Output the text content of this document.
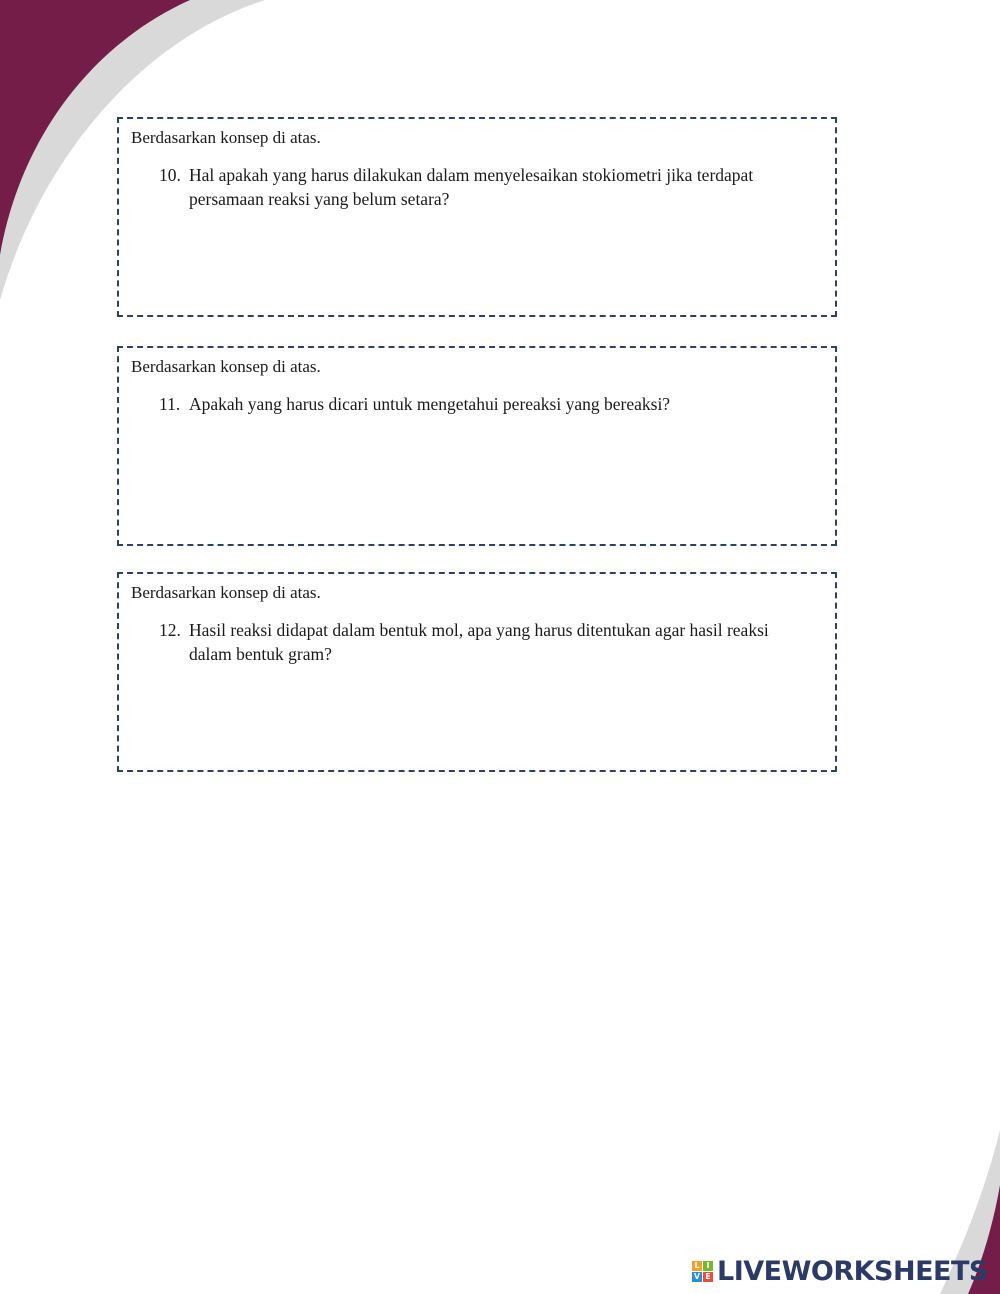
Berdasarkan konsep di atas.
10. Hal apakah yang harus dilakukan dalam menyelesaikan stokiometri jika terdapat persamaan reaksi yang belum setara?
Berdasarkan konsep di atas.
11. Apakah yang harus dicari untuk mengetahui pereaksi yang bereaksi?
Berdasarkan konsep di atas.
12. Hasil reaksi didapat dalam bentuk mol, apa yang harus ditentukan agar hasil reaksi dalam bentuk gram?
L I
V E LIVEWORKSHEETS
